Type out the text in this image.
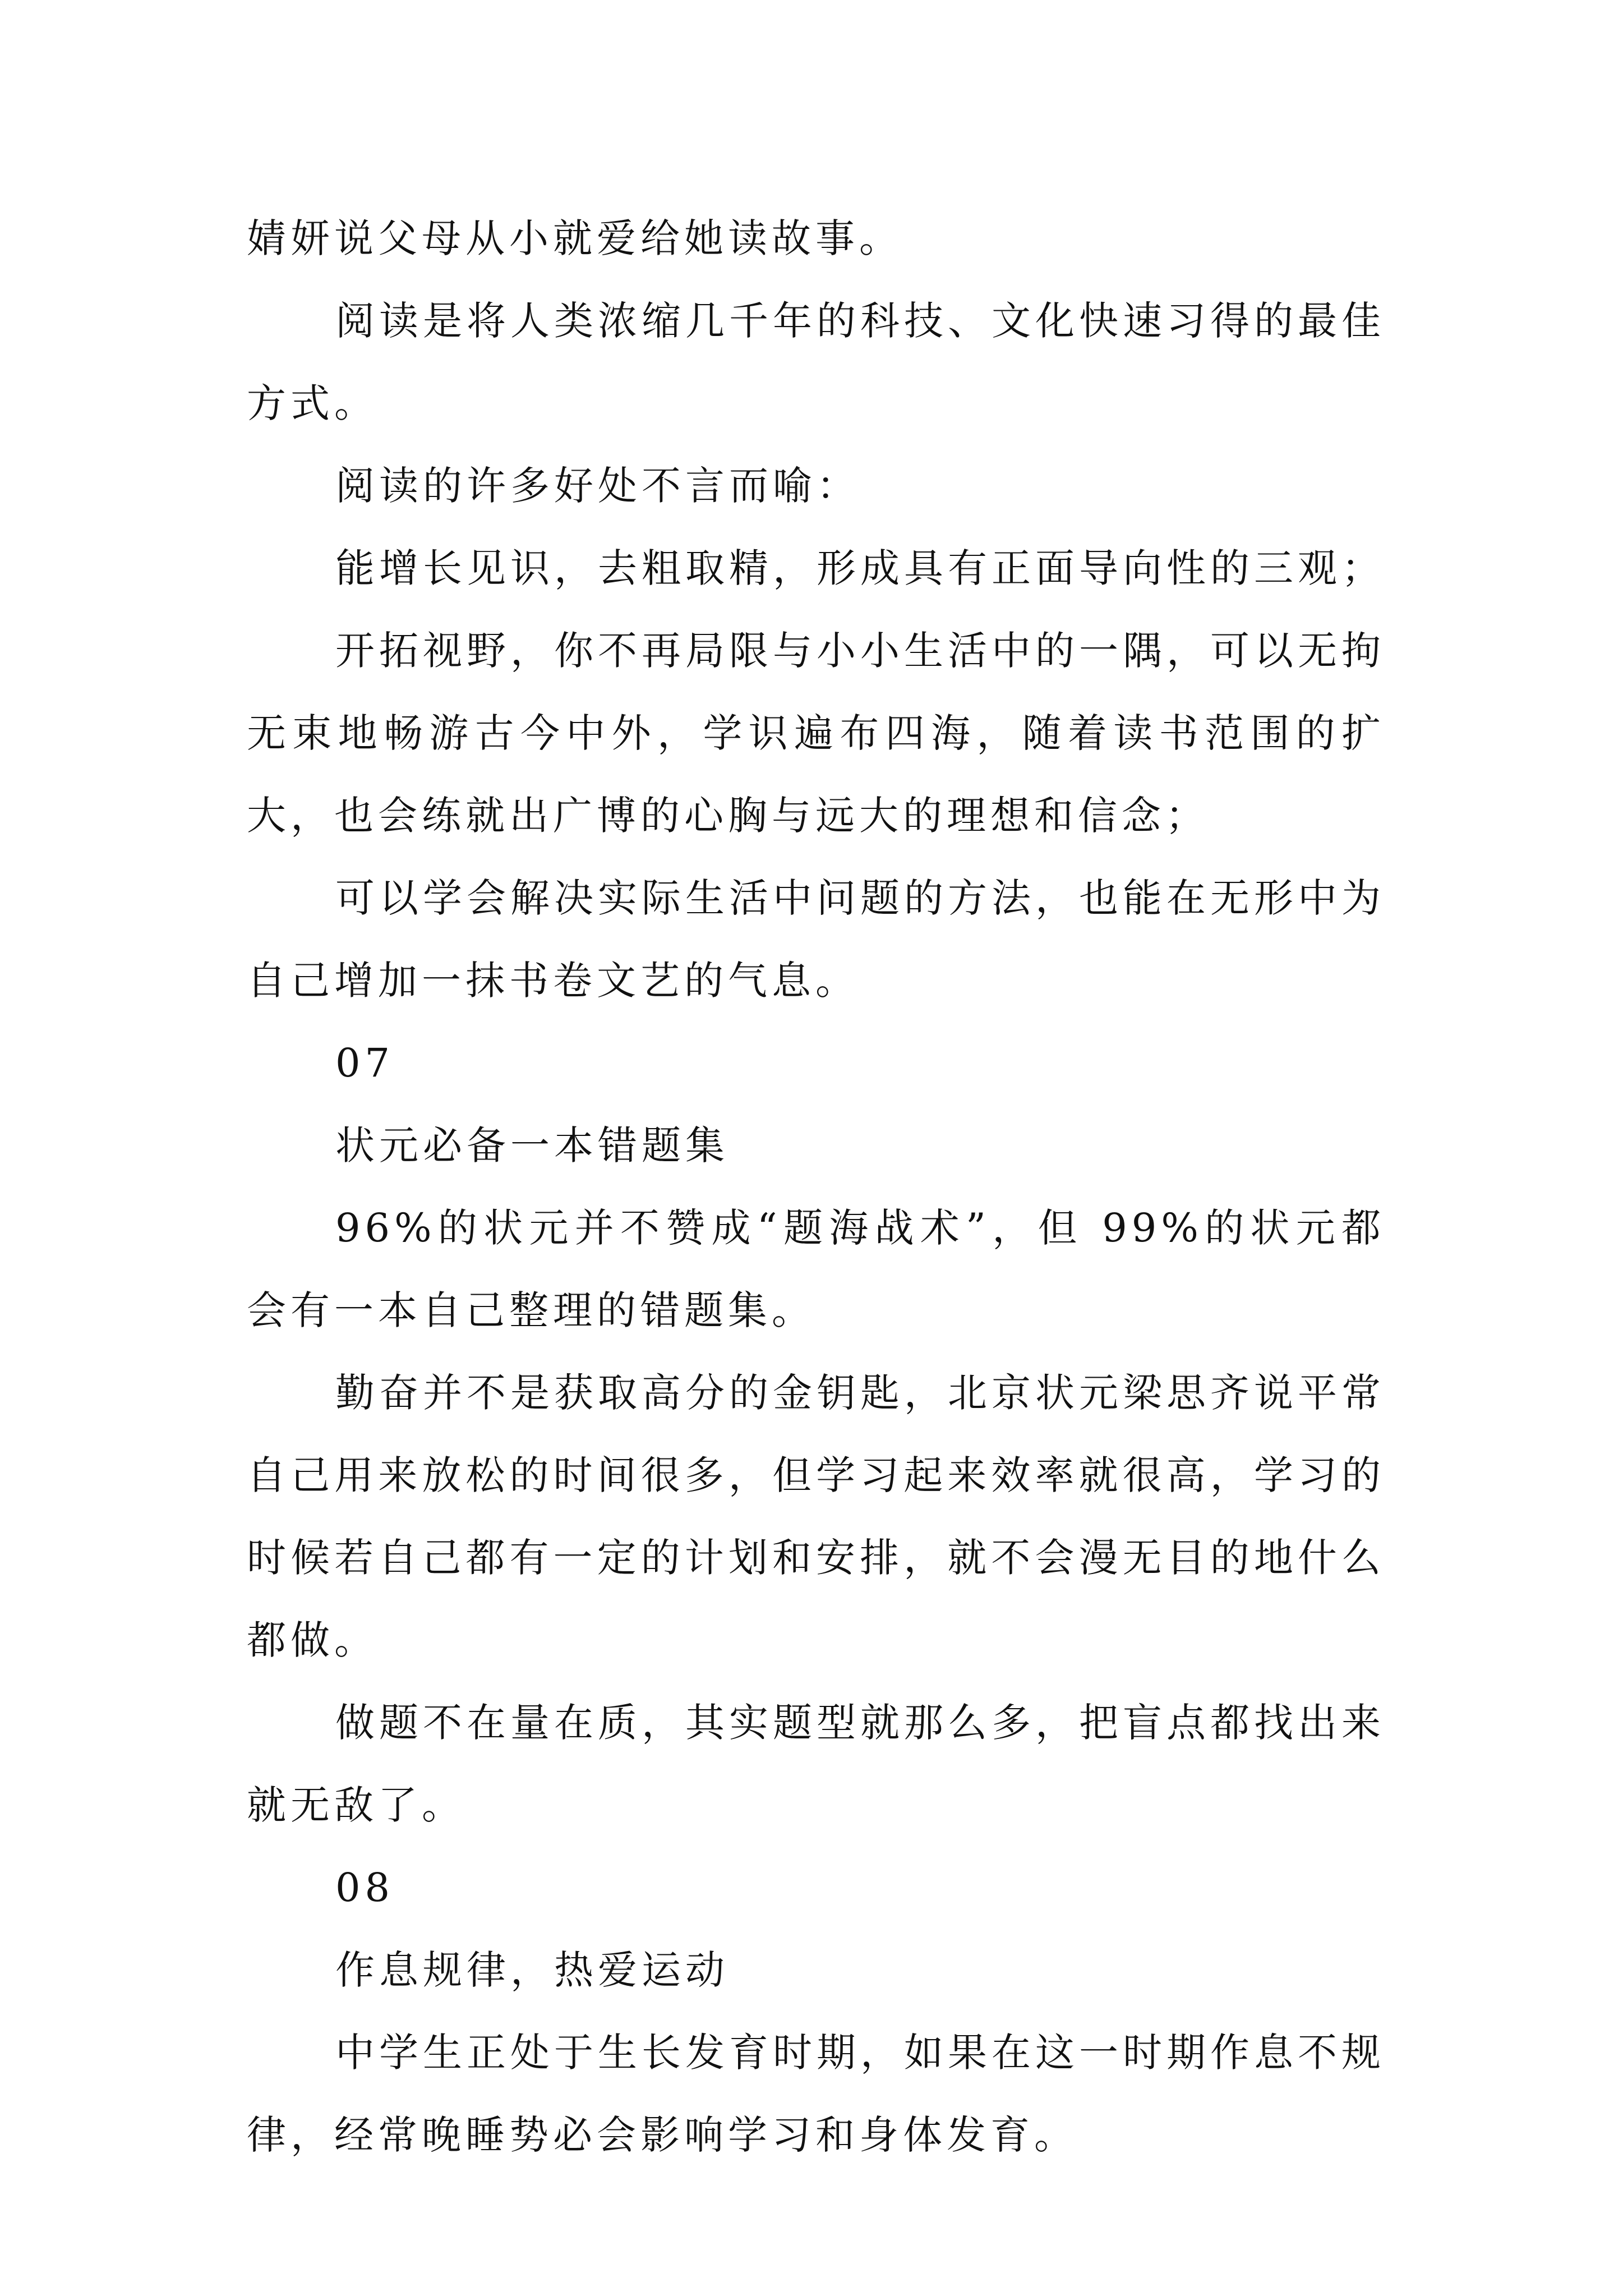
婧妍说父母从小就爱给她读故事。

阅读是将人类浓缩几千年的科技、文化快速习得的最佳方式。

阅读的许多好处不言而喻：

能增长见识，去粗取精，形成具有正面导向性的三观；

开拓视野，你不再局限与小小生活中的一隅，可以无拘无束地畅游古今中外，学识遍布四海，随着读书范围的扩大，也会练就出广博的心胸与远大的理想和信念；

可以学会解决实际生活中问题的方法，也能在无形中为自己增加一抹书卷文艺的气息。

07

状元必备一本错题集

96%的状元并不赞成“题海战术”，但 99%的状元都会有一本自己整理的错题集。

勤奋并不是获取高分的金钥匙，北京状元梁思齐说平常自己用来放松的时间很多，但学习起来效率就很高，学习的时候若自己都有一定的计划和安排，就不会漫无目的地什么都做。

做题不在量在质，其实题型就那么多，把盲点都找出来就无敌了。

08

作息规律，热爱运动

中学生正处于生长发育时期，如果在这一时期作息不规律，经常晚睡势必会影响学习和身体发育。
